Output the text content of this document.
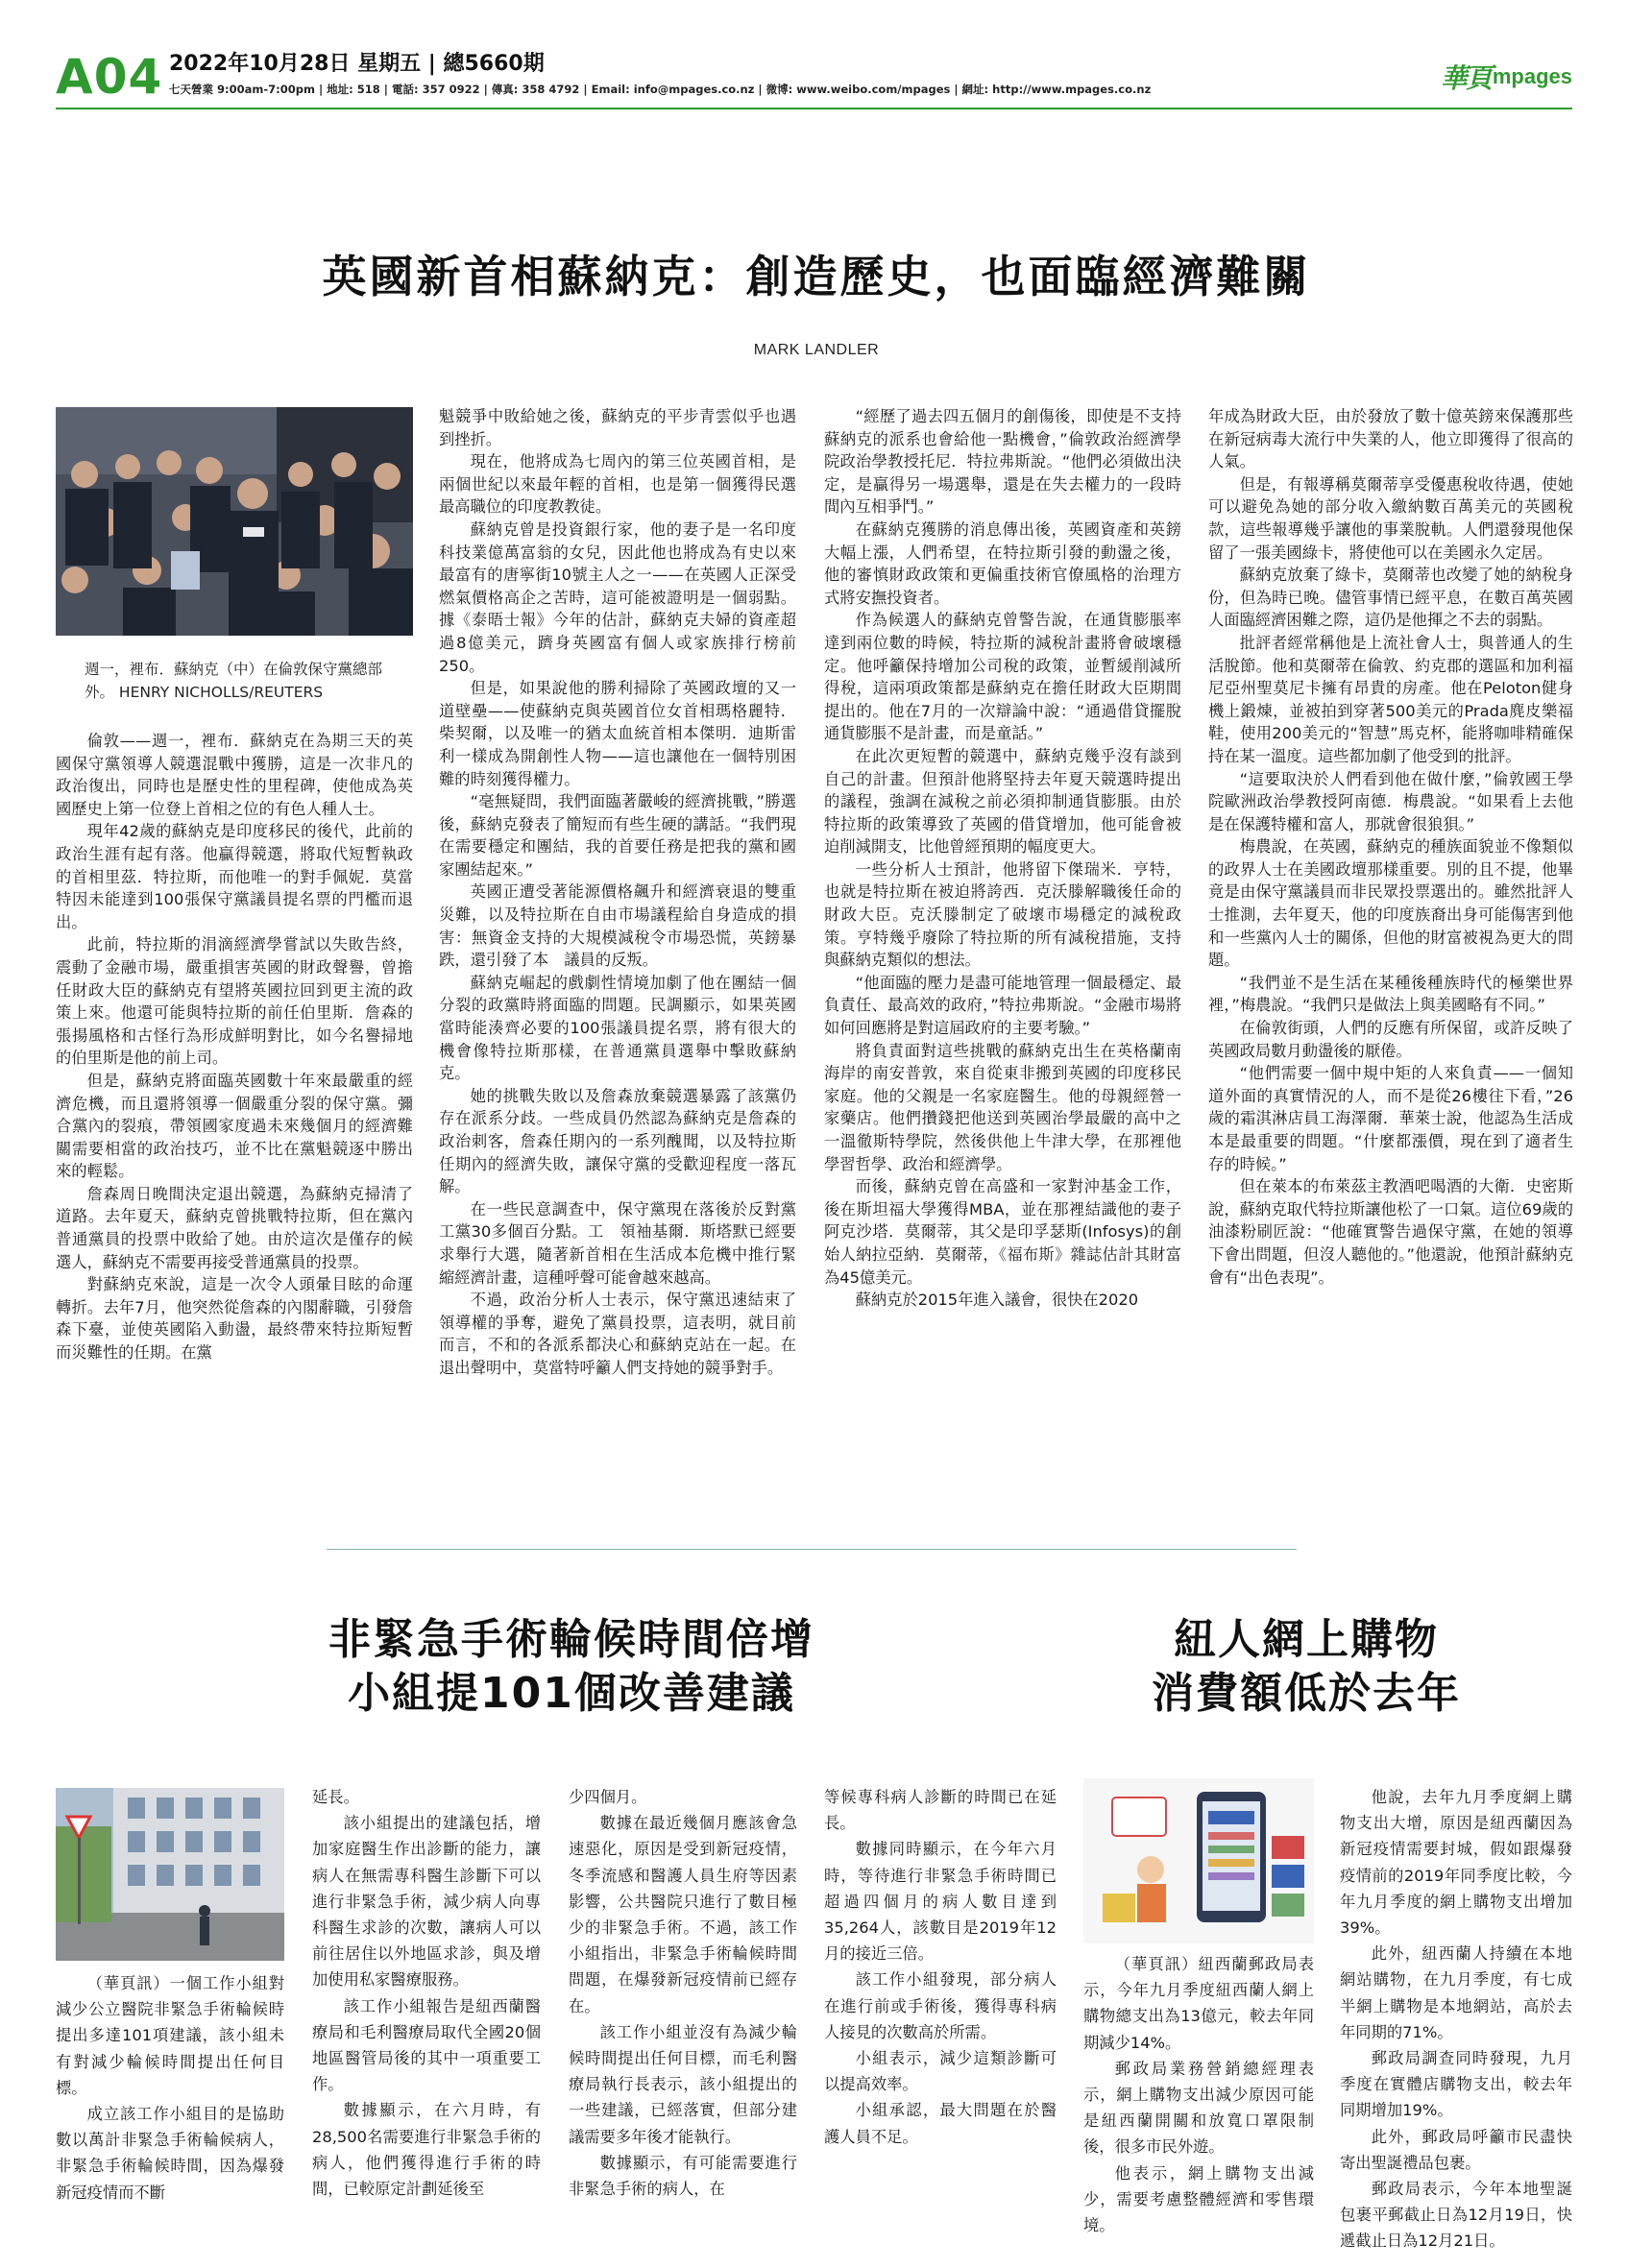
A04 2022年10月28日 星期五 | 總5660期
七天營業 9:00am-7:00pm | 地址: 518 | 電話: 357 0922 | 傳真: 358 4792 | Email: info@mpages.co.nz | 微博: www.weibo.com/mpages | 網址: http://www.mpages.co.nz	華頁 mpages
英國新首相蘇納克：創造歷史，也面臨經濟難關
MARK LANDLER
週一，裡布．蘇納克（中）在倫敦保守黨總部外。 HENRY NICHOLLS/REUTERS

倫敦——週一，裡布．蘇納克在為期三天的英國保守黨領導人競選混戰中獲勝，這是一次非凡的政治復出，同時也是歷史性的里程碑，使他成為英國歷史上第一位登上首相之位的有色人種人士。

現年42歲的蘇納克是印度移民的後代，此前的政治生涯有起有落。他贏得競選，將取代短暫執政的首相里茲．特拉斯，而他唯一的對手佩妮．莫當特因未能達到100張保守黨議員提名票的門檻而退出。

此前，特拉斯的涓滴經濟學嘗試以失敗告終，震動了金融市場，嚴重損害英國的財政聲譽，曾擔任財政大臣的蘇納克有望將英國拉回到更主流的政策上來。他還可能與特拉斯的前任伯里斯．詹森的張揚風格和古怪行為形成鮮明對比，如今名譽掃地的伯里斯是他的前上司。

但是，蘇納克將面臨英國數十年來最嚴重的經濟危機，而且還將領導一個嚴重分裂的保守黨。彌合黨內的裂痕，帶領國家度過未來幾個月的經濟難關需要相當的政治技巧，並不比在黨魁競逐中勝出來的輕鬆。

詹森周日晚間決定退出競選，為蘇納克掃清了道路。去年夏天，蘇納克曾挑戰特拉斯，但在黨內普通黨員的投票中敗給了她。由於這次是僅存的候選人，蘇納克不需要再接受普通黨員的投票。

對蘇納克來說，這是一次令人頭暈目眩的命運轉折。去年7月，他突然從詹森的內閣辭職，引發詹森下臺，並使英國陷入動盪，最終帶來特拉斯短暫而災難性的任期。在黨

魁競爭中敗給她之後，蘇納克的平步青雲似乎也遇到挫折。

現在，他將成為七周內的第三位英國首相，是兩個世紀以來最年輕的首相，也是第一個獲得民選最高職位的印度教教徒。

蘇納克曾是投資銀行家，他的妻子是一名印度科技業億萬富翁的女兒，因此他也將成為有史以來最富有的唐寧街10號主人之一——在英國人正深受燃氣價格高企之苦時，這可能被證明是一個弱點。據《泰晤士報》今年的估計，蘇納克夫婦的資產超過8億美元，躋身英國富有個人或家族排行榜前250。

但是，如果說他的勝利掃除了英國政壇的又一道壁壘——使蘇納克與英國首位女首相瑪格麗特．柴契爾，以及唯一的猶太血統首相本傑明．迪斯雷利一樣成為開創性人物——這也讓他在一個特別困難的時刻獲得權力。

“毫無疑問，我們面臨著嚴峻的經濟挑戰，”勝選後，蘇納克發表了簡短而有些生硬的講話。“我們現在需要穩定和團結，我的首要任務是把我的黨和國家團結起來。”

英國正遭受著能源價格飆升和經濟衰退的雙重災難，以及特拉斯在自由市場議程給自身造成的損害：無資金支持的大規模減稅令市場恐慌，英鎊暴跌，還引發了本　議員的反叛。

蘇納克崛起的戲劇性情境加劇了他在團結一個分裂的政黨時將面臨的問題。民調顯示，如果英國當時能湊齊必要的100張議員提名票，將有很大的機會像特拉斯那樣，在普通黨員選舉中擊敗蘇納克。

她的挑戰失敗以及詹森放棄競選暴露了該黨仍存在派系分歧。一些成員仍然認為蘇納克是詹森的政治刺客，詹森任期內的一系列醜聞，以及特拉斯任期內的經濟失敗，讓保守黨的受歡迎程度一落瓦解。

在一些民意調查中，保守黨現在落後於反對黨工黨30多個百分點。工　領袖基爾．斯塔默已經要求舉行大選，隨著新首相在生活成本危機中推行緊縮經濟計畫，這種呼聲可能會越來越高。

不過，政治分析人士表示，保守黨迅速結束了領導權的爭奪，避免了黨員投票，這表明，就目前而言，不和的各派系都決心和蘇納克站在一起。在退出聲明中，莫當特呼籲人們支持她的競爭對手。

“經歷了過去四五個月的創傷後，即使是不支持蘇納克的派系也會給他一點機會，”倫敦政治經濟學院政治學教授托尼．特拉弗斯說。“他們必須做出決定，是贏得另一場選舉，還是在失去權力的一段時間內互相爭鬥。”

在蘇納克獲勝的消息傳出後，英國資產和英鎊大幅上漲，人們希望，在特拉斯引發的動盪之後，他的審慎財政政策和更偏重技術官僚風格的治理方式將安撫投資者。

作為候選人的蘇納克曾警告說，在通貨膨脹率達到兩位數的時候，特拉斯的減稅計畫將會破壞穩定。他呼籲保持增加公司稅的政策，並暫緩削減所得稅，這兩項政策都是蘇納克在擔任財政大臣期間提出的。他在7月的一次辯論中說：“通過借貸擺脫通貨膨脹不是計畫，而是童話。”

在此次更短暫的競選中，蘇納克幾乎沒有談到自己的計畫。但預計他將堅持去年夏天競選時提出的議程，強調在減稅之前必須抑制通貨膨脹。由於特拉斯的政策導致了英國的借貸增加，他可能會被迫削減開支，比他曾經預期的幅度更大。

一些分析人士預計，他將留下傑瑞米．亨特，也就是特拉斯在被迫將誇西．克沃滕解職後任命的財政大臣。克沃滕制定了破壞市場穩定的減稅政策。亨特幾乎廢除了特拉斯的所有減稅措施，支持與蘇納克類似的想法。

“他面臨的壓力是盡可能地管理一個最穩定、最負責任、最高效的政府，”特拉弗斯說。“金融市場將如何回應將是對這屆政府的主要考驗。”

將負責面對這些挑戰的蘇納克出生在英格蘭南海岸的南安普敦，來自從東非搬到英國的印度移民家庭。他的父親是一名家庭醫生。他的母親經營一家藥店。他們攢錢把他送到英國治學最嚴的高中之一溫徹斯特學院，然後供他上牛津大學，在那裡他學習哲學、政治和經濟學。

而後，蘇納克曾在高盛和一家對沖基金工作，後在斯坦福大學獲得MBA，並在那裡結識他的妻子阿克沙塔．莫爾蒂，其父是印孚瑟斯(Infosys)的創始人納拉亞納．莫爾蒂，《福布斯》雜誌估計其財富為45億美元。

蘇納克於2015年進入議會，很快在2020

年成為財政大臣，由於發放了數十億英鎊來保護那些在新冠病毒大流行中失業的人，他立即獲得了很高的人氣。

但是，有報導稱莫爾蒂享受優惠稅收待遇，使她可以避免為她的部分收入繳納數百萬美元的英國稅款，這些報導幾乎讓他的事業脫軌。人們還發現他保留了一張美國綠卡，將使他可以在美國永久定居。

蘇納克放棄了綠卡，莫爾蒂也改變了她的納稅身份，但為時已晚。儘管事情已經平息，在數百萬英國人面臨經濟困難之際，這仍是他揮之不去的弱點。

批評者經常稱他是上流社會人士，與普通人的生活脫節。他和莫爾蒂在倫敦、約克郡的選區和加利福尼亞州聖莫尼卡擁有昂貴的房產。他在Peloton健身機上鍛煉，並被拍到穿著500美元的Prada麂皮樂福鞋，使用200美元的“智慧”馬克杯，能將咖啡精確保持在某一溫度。這些都加劇了他受到的批評。

“這要取決於人們看到他在做什麼，”倫敦國王學院歐洲政治學教授阿南德．梅農說。“如果看上去他是在保護特權和富人，那就會很狼狽。”

梅農說，在英國，蘇納克的種族面貌並不像類似的政界人士在美國政壇那樣重要。別的且不提，他畢竟是由保守黨議員而非民眾投票選出的。雖然批評人士推測，去年夏天，他的印度族裔出身可能傷害到他和一些黨內人士的關係，但他的財富被視為更大的問題。

“我們並不是生活在某種後種族時代的極樂世界裡，”梅農說。“我們只是做法上與美國略有不同。”

在倫敦街頭，人們的反應有所保留，或許反映了英國政局數月動盪後的厭倦。

“他們需要一個中規中矩的人來負責——一個知道外面的真實情況的人，而不是從26樓往下看，”26歲的霜淇淋店員工海澤爾．華萊士說，他認為生活成本是最重要的問題。“什麼都漲價，現在到了適者生存的時候。”

但在萊本的布萊茲主教酒吧喝酒的大衛．史密斯說，蘇納克取代特拉斯讓他松了一口氣。這位69歲的油漆粉刷匠說：“他確實警告過保守黨，在她的領導下會出問題，但沒人聽他的。”他還說，他預計蘇納克會有“出色表現”。

非緊急手術輪候時間倍增
小組提101個改善建議

（華頁訊）一個工作小組對減少公立醫院非緊急手術輪候時提出多達101項建議，該小組未有對減少輪候時間提出任何目標。

成立該工作小組目的是協助數以萬計非緊急手術輪候病人，非緊急手術輪候時間，因為爆發新冠疫情而不斷

延長。

該小組提出的建議包括，增加家庭醫生作出診斷的能力，讓病人在無需專科醫生診斷下可以進行非緊急手術，減少病人向專科醫生求診的次數，讓病人可以前往居住以外地區求診，與及增加使用私家醫療服務。

該工作小組報告是紐西蘭醫療局和毛利醫療局取代全國20個地區醫管局後的其中一項重要工作。

數據顯示，在六月時，有28,500名需要進行非緊急手術的病人，他們獲得進行手術的時間，已較原定計劃延後至

少四個月。

數據在最近幾個月應該會急速惡化，原因是受到新冠疫情，冬季流感和醫護人員生府等因素影響，公共醫院只進行了數目極少的非緊急手術。不過，該工作小組指出，非緊急手術輪候時間問題，在爆發新冠疫情前已經存在。

該工作小組並沒有為減少輪候時間提出任何目標，而毛利醫療局執行長表示，該小組提出的一些建議，已經落實，但部分建議需要多年後才能執行。

數據顯示，有可能需要進行非緊急手術的病人，在

等候專科病人診斷的時間已在延長。

數據同時顯示，在今年六月時，等待進行非緊急手術時間已超過四個月的病人數目達到35,264人，該數目是2019年12月的接近三倍。

該工作小組發現，部分病人在進行前或手術後，獲得專科病人接見的次數高於所需。

小組表示，減少這類診斷可以提高效率。

小組承認，最大問題在於醫護人員不足。

紐人網上購物
消費額低於去年

（華頁訊）紐西蘭郵政局表示，今年九月季度紐西蘭人網上購物總支出為13億元，較去年同期減少14%。

郵政局業務營銷總經理表示，網上購物支出減少原因可能是紐西蘭開關和放寬口罩限制後，很多市民外遊。

他表示，網上購物支出減少，需要考慮整體經濟和零售環境。

他說，去年九月季度網上購物支出大增，原因是紐西蘭因為新冠疫情需要封城，假如跟爆發疫情前的2019年同季度比較，今年九月季度的網上購物支出增加39%。

此外，紐西蘭人持續在本地網站購物，在九月季度，有七成半網上購物是本地網站，高於去年同期的71%。

郵政局調查同時發現，九月季度在實體店購物支出，較去年同期增加19%。

此外，郵政局呼籲市民盡快寄出聖誕禮品包裹。

郵政局表示，今年本地聖誕包裹平郵截止日為12月19日，快遞截止日為12月21日。
